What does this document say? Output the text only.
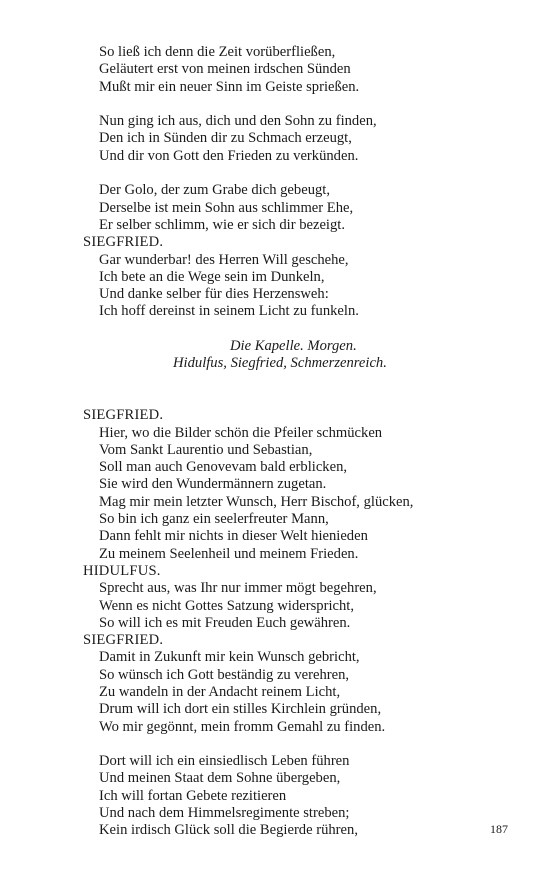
So ließ ich denn die Zeit vorüberfließen,
Geläutert erst von meinen irdschen Sünden
Mußt mir ein neuer Sinn im Geiste sprießen.
Nun ging ich aus, dich und den Sohn zu finden,
Den ich in Sünden dir zu Schmach erzeugt,
Und dir von Gott den Frieden zu verkünden.
Der Golo, der zum Grabe dich gebeugt,
Derselbe ist mein Sohn aus schlimmer Ehe,
Er selber schlimm, wie er sich dir bezeigt.
SIEGFRIED.
Gar wunderbar! des Herren Will geschehe,
Ich bete an die Wege sein im Dunkeln,
Und danke selber für dies Herzensweh:
Ich hoff dereinst in seinem Licht zu funkeln.
Die Kapelle. Morgen.
Hidulfus, Siegfried, Schmerzenreich.
SIEGFRIED.
Hier, wo die Bilder schön die Pfeiler schmücken
Vom Sankt Laurentio und Sebastian,
Soll man auch Genovevam bald erblicken,
Sie wird den Wundermännern zugetan.
Mag mir mein letzter Wunsch, Herr Bischof, glücken,
So bin ich ganz ein seelerfreuter Mann,
Dann fehlt mir nichts in dieser Welt hienieden
Zu meinem Seelenheil und meinem Frieden.
HIDULFUS.
Sprecht aus, was Ihr nur immer mögt begehren,
Wenn es nicht Gottes Satzung widerspricht,
So will ich es mit Freuden Euch gewähren.
SIEGFRIED.
Damit in Zukunft mir kein Wunsch gebricht,
So wünsch ich Gott beständig zu verehren,
Zu wandeln in der Andacht reinem Licht,
Drum will ich dort ein stilles Kirchlein gründen,
Wo mir gegönnt, mein fromm Gemahl zu finden.
Dort will ich ein einsiedlisch Leben führen
Und meinen Staat dem Sohne übergeben,
Ich will fortan Gebete rezitieren
Und nach dem Himmelsregimente streben;
Kein irdisch Glück soll die Begierde rühren,	187
